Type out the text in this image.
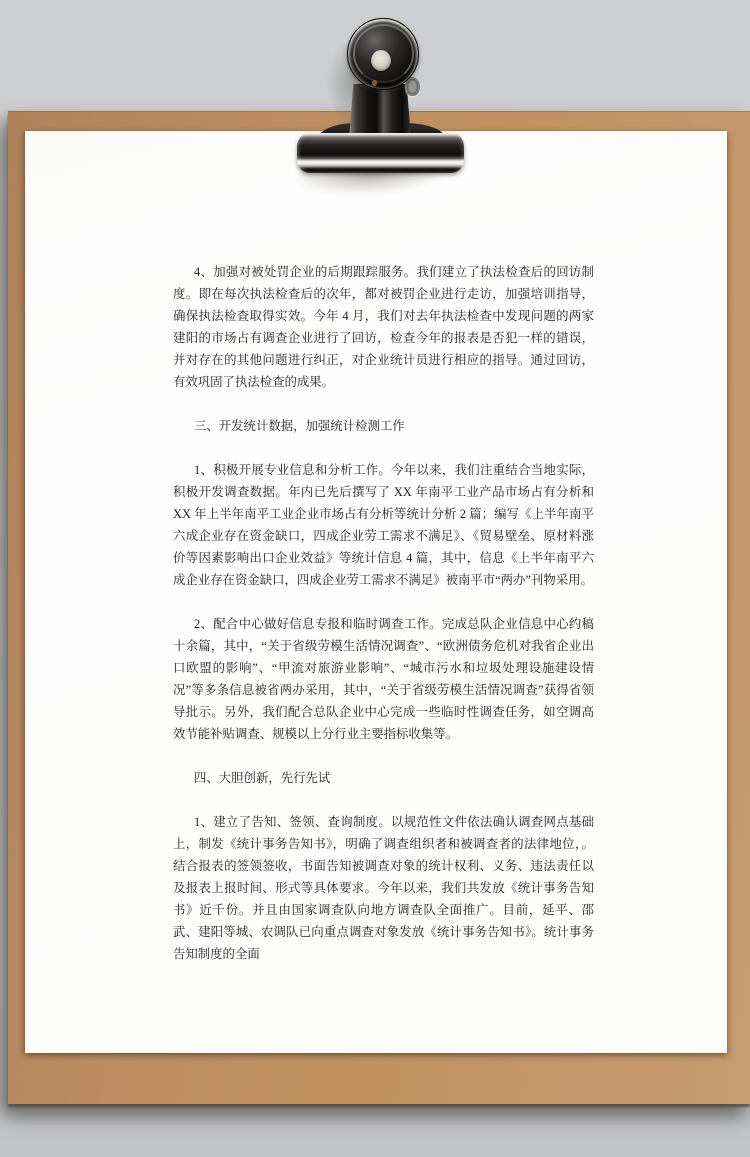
4、加强对被处罚企业的后期跟踪服务。我们建立了执法检查后的回访制度。即在每次执法检查后的次年，都对被罚企业进行走访，加强培训指导，确保执法检查取得实效。今年 4 月，我们对去年执法检查中发现问题的两家建阳的市场占有调查企业进行了回访，检查今年的报表是否犯一样的错误，并对存在的其他问题进行纠正，对企业统计员进行相应的指导。通过回访，有效巩固了执法检查的成果。
三、开发统计数据，加强统计检测工作
1、积极开展专业信息和分析工作。今年以来，我们注重结合当地实际，积极开发调查数据。年内已先后撰写了 XX 年南平工业产品市场占有分析和 XX 年上半年南平工业企业市场占有分析等统计分析 2 篇；编写《上半年南平六成企业存在资金缺口，四成企业劳工需求不满足》、《贸易壁垒、原材料涨价等因素影响出口企业效益》等统计信息 4 篇，其中，信息《上半年南平六成企业存在资金缺口，四成企业劳工需求不满足》被南平市“两办”刊物采用。
2、配合中心做好信息专报和临时调查工作。完成总队企业信息中心约稿十余篇，其中，“关于省级劳模生活情况调查”、“欧洲债务危机对我省企业出口欧盟的影响”、“甲流对旅游业影响”、“城市污水和垃圾处理设施建设情况”等多条信息被省两办采用，其中，“关于省级劳模生活情况调查”获得省领导批示。另外，我们配合总队企业中心完成一些临时性调查任务，如空调高效节能补贴调查、规模以上分行业主要指标收集等。
四、大胆创新，先行先试
1、建立了告知、签领、查询制度。以规范性文件依法确认调查网点基础上，制发《统计事务告知书》，明确了调查组织者和被调查者的法律地位，。结合报表的签领签收，书面告知被调查对象的统计权利、义务、违法责任以及报表上报时间、形式等具体要求。今年以来，我们共发放《统计事务告知书》近千份。并且由国家调查队向地方调查队全面推广。目前，延平、邵武、建阳等城、农调队已向重点调查对象发放《统计事务告知书》。统计事务告知制度的全面
